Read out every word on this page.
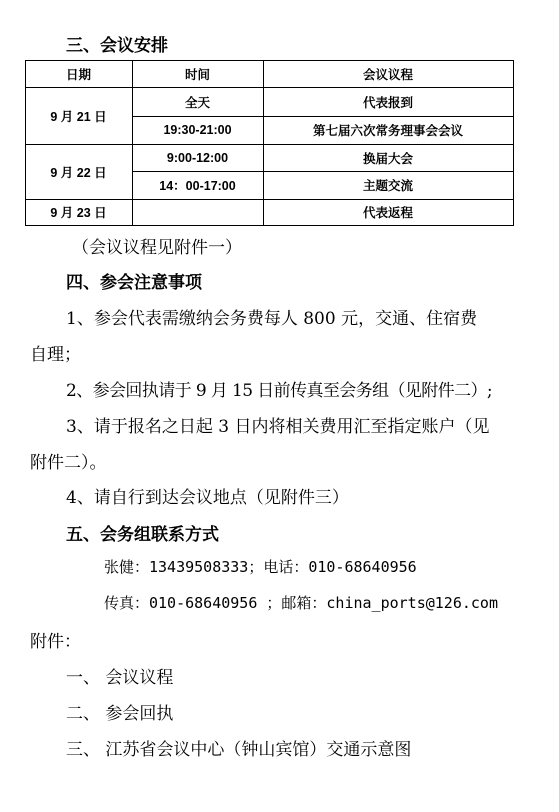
三、会议安排
日期	时间	会议议程
9 月 21 日
9 月 22 日
9 月 23 日
全天
19:30-21:00
9:00-12:00
14：00-17:00
代表报到
第七届六次常务理事会会议
换届大会
主题交流
代表返程
（会议议程见附件一）
四、参会注意事项
1、参会代表需缴纳会务费每人 800 元，交通、住宿费
自理；
2、参会回执请于 9 月 15 日前传真至会务组（见附件二）;
3、请于报名之日起 3 日内将相关费用汇至指定账户（见
附件二）。
4、请自行到达会议地点（见附件三）
五、会务组联系方式
张健：13439508333；电话：010-68640956
传真：010-68640956 ；邮箱：china_ports@126.com
附件：
一、 会议议程
二、 参会回执
三、 江苏省会议中心（钟山宾馆）交通示意图
